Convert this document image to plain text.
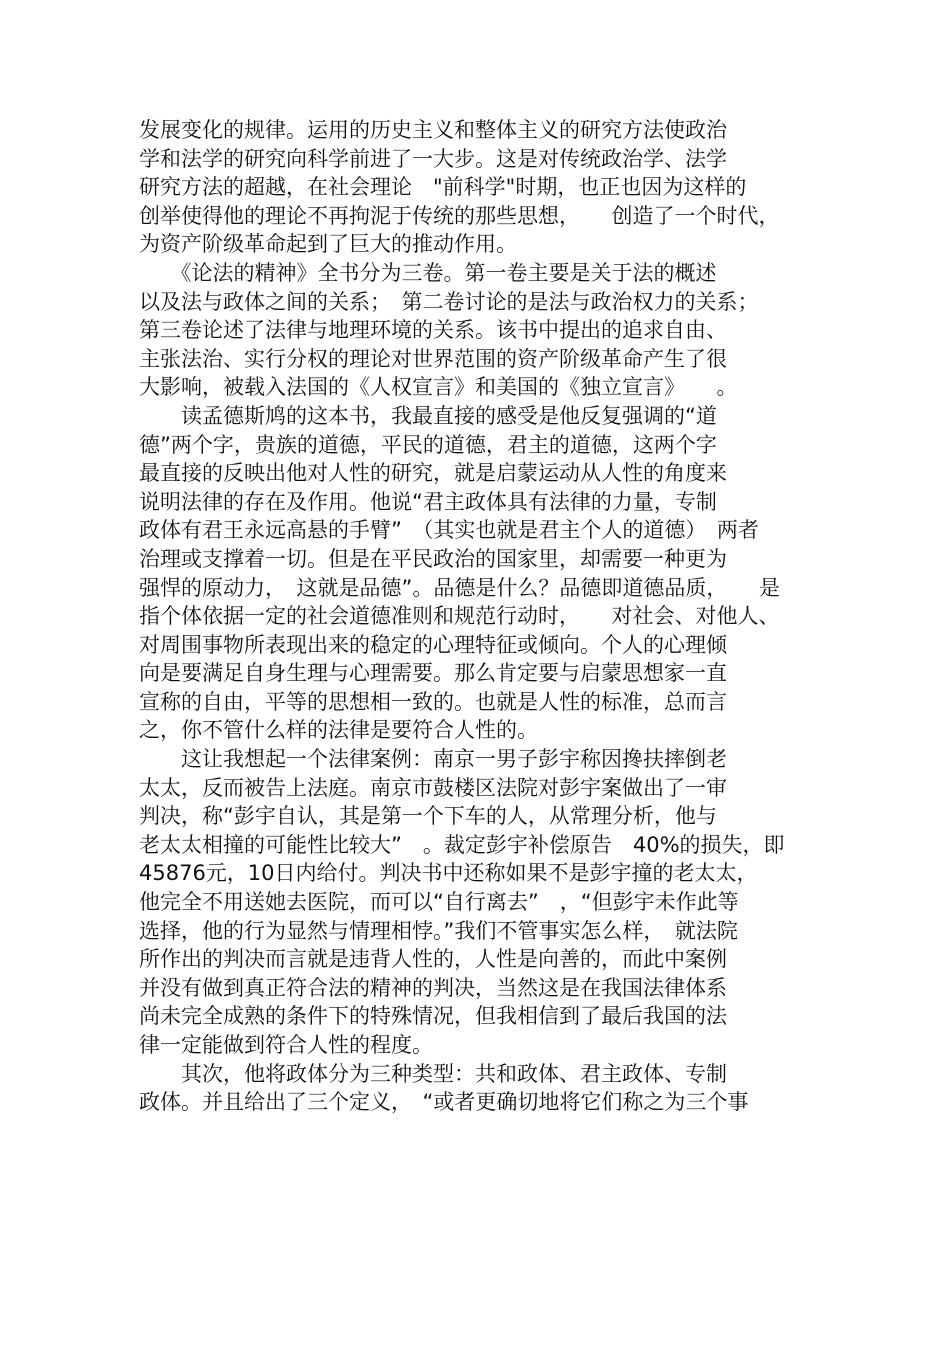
发展变化的规律。运用的历史主义和整体主义的研究方法使政治
学和法学的研究向科学前进了一大步。这是对传统政治学、法学
研究方法的超越，在社会理论　"前科学"时期，也正也因为这样的
创举使得他的理论不再拘泥于传统的那些思想，　　创造了一个时代，
为资产阶级革命起到了巨大的推动作用。
　　《论法的精神》全书分为三卷。第一卷主要是关于法的概述
以及法与政体之间的关系；　第二卷讨论的是法与政治权力的关系；
第三卷论述了法律与地理环境的关系。该书中提出的追求自由、
主张法治、实行分权的理论对世界范围的资产阶级革命产生了很
大影响，被载入法国的《人权宣言》和美国的《独立宣言》　　。
　　读孟德斯鸠的这本书，我最直接的感受是他反复强调的“道
德”两个字，贵族的道德，平民的道德，君主的道德，这两个字
最直接的反映出他对人性的研究，就是启蒙运动从人性的角度来
说明法律的存在及作用。他说“君主政体具有法律的力量，专制
政体有君王永远高悬的手臂”　（其实也就是君主个人的道德）　两者
治理或支撑着一切。但是在平民政治的国家里，却需要一种更为
强悍的原动力，　这就是品德”。品德是什么？品德即道德品质，　　是
指个体依据一定的社会道德准则和规范行动时，　　对社会、对他人、
对周围事物所表现出来的稳定的心理特征或倾向。个人的心理倾
向是要满足自身生理与心理需要。那么肯定要与启蒙思想家一直
宣称的自由，平等的思想相一致的。也就是人性的标准，总而言
之，你不管什么样的法律是要符合人性的。
　　这让我想起一个法律案例：南京一男子彭宇称因搀扶摔倒老
太太，反而被告上法庭。南京市鼓楼区法院对彭宇案做出了一审
判决，称“彭宇自认，其是第一个下车的人，从常理分析，他与
老太太相撞的可能性比较大”　。裁定彭宇补偿原告　40%的损失，即
45876元，10日内给付。判决书中还称如果不是彭宇撞的老太太，
他完全不用送她去医院，而可以“自行离去”　，“但彭宇未作此等
选择，他的行为显然与情理相悖。”我们不管事实怎么样，　就法院
所作出的判决而言就是违背人性的，人性是向善的，而此中案例
并没有做到真正符合法的精神的判决，当然这是在我国法律体系
尚未完全成熟的条件下的特殊情况，但我相信到了最后我国的法
律一定能做到符合人性的程度。
　　其次，他将政体分为三种类型：共和政体、君主政体、专制
政体。并且给出了三个定义，　“或者更确切地将它们称之为三个事
